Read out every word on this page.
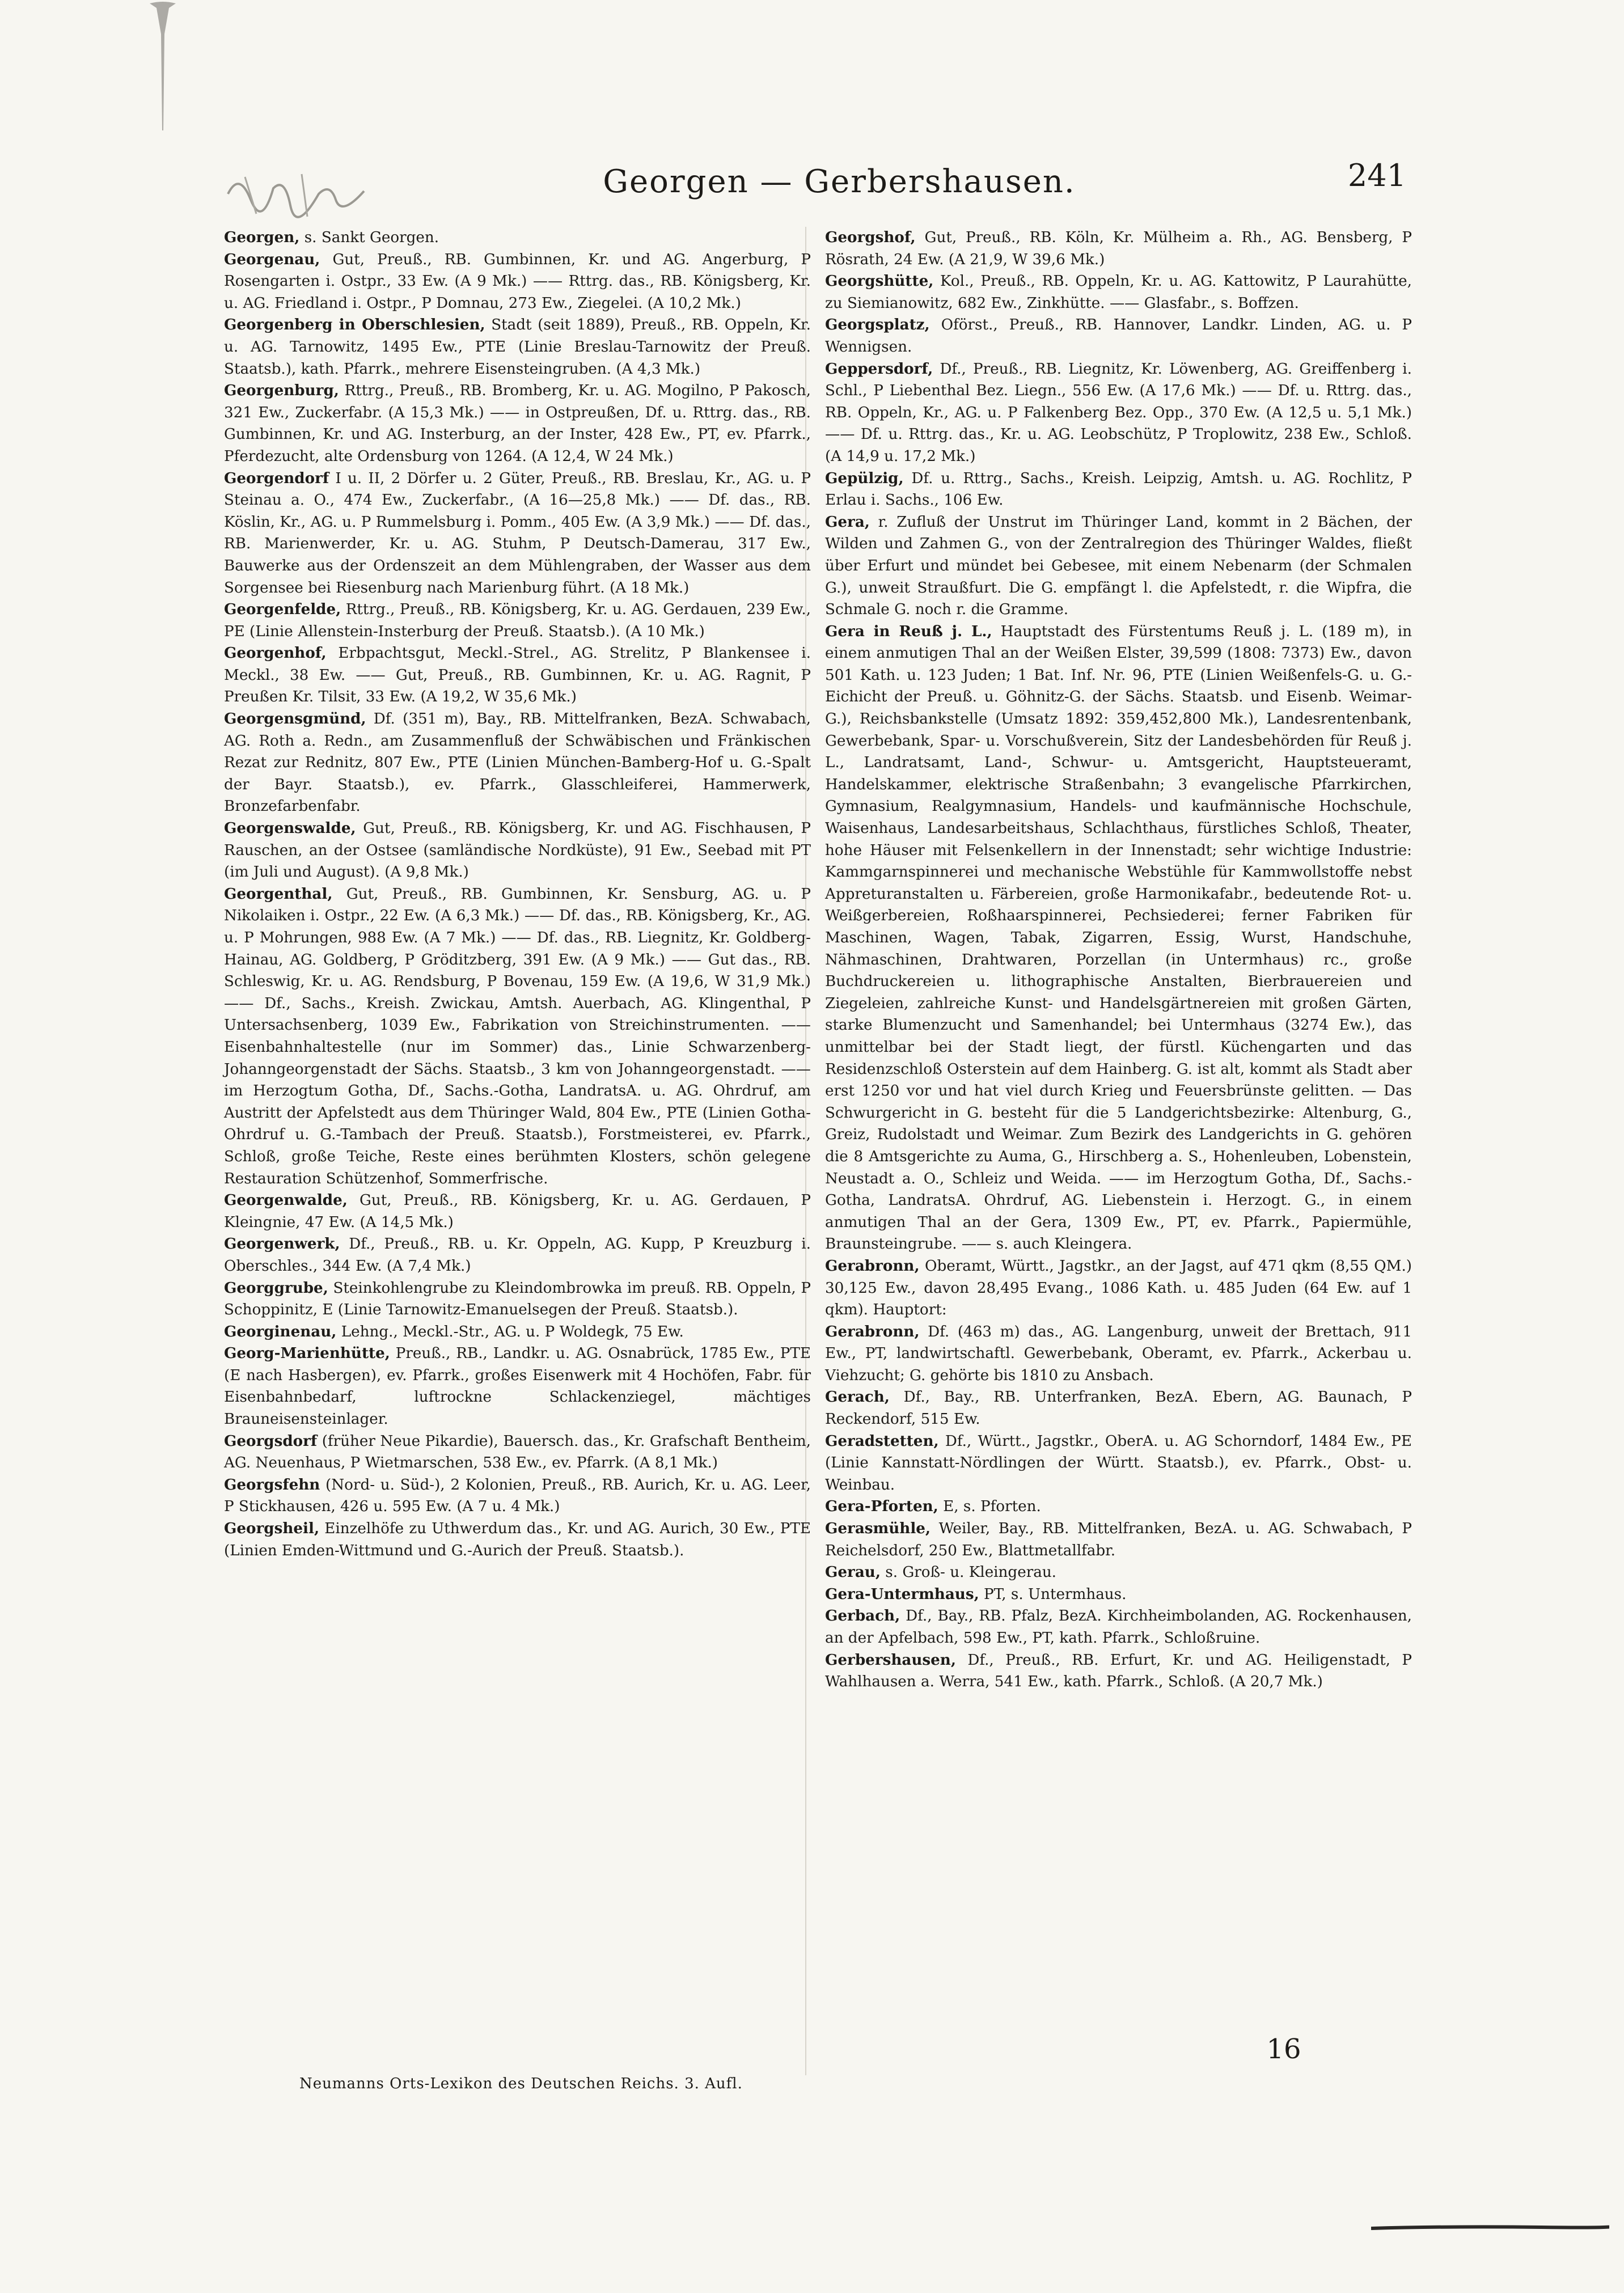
Georgen — Gerbershausen.	241

Georgen, s. Sankt Georgen.

Georgenau, Gut, Preuß., RB. Gumbinnen, Kr. und AG. Angerburg, P Rosengarten i. Ostpr., 33 Ew. (A 9 Mk.) —— Rttrg. das., RB. Königsberg, Kr. u. AG. Friedland i. Ostpr., P Domnau, 273 Ew., Ziegelei. (A 10,2 Mk.)

Georgenberg in Oberschlesien, Stadt (seit 1889), Preuß., RB. Oppeln, Kr. u. AG. Tarnowitz, 1495 Ew., PTE (Linie Breslau-Tarnowitz der Preuß. Staatsb.), kath. Pfarrk., mehrere Eisensteingruben. (A 4,3 Mk.)

Georgenburg, Rttrg., Preuß., RB. Bromberg, Kr. u. AG. Mogilno, P Pakosch, 321 Ew., Zuckerfabr. (A 15,3 Mk.) —— in Ostpreußen, Df. u. Rttrg. das., RB. Gumbinnen, Kr. und AG. Insterburg, an der Inster, 428 Ew., PT, ev. Pfarrk., Pferdezucht, alte Ordensburg von 1264. (A 12,4, W 24 Mk.)

Georgendorf I u. II, 2 Dörfer u. 2 Güter, Preuß., RB. Breslau, Kr., AG. u. P Steinau a. O., 474 Ew., Zuckerfabr., (A 16—25,8 Mk.) —— Df. das., RB. Köslin, Kr., AG. u. P Rummelsburg i. Pomm., 405 Ew. (A 3,9 Mk.) —— Df. das., RB. Marienwerder, Kr. u. AG. Stuhm, P Deutsch-Damerau, 317 Ew., Bauwerke aus der Ordenszeit an dem Mühlengraben, der Wasser aus dem Sorgensee bei Riesenburg nach Marienburg führt. (A 18 Mk.)

Georgenfelde, Rttrg., Preuß., RB. Königsberg, Kr. u. AG. Gerdauen, 239 Ew., PE (Linie Allenstein-Insterburg der Preuß. Staatsb.). (A 10 Mk.)

Georgenhof, Erbpachtsgut, Meckl.-Strel., AG. Strelitz, P Blankensee i. Meckl., 38 Ew. —— Gut, Preuß., RB. Gumbinnen, Kr. u. AG. Ragnit, P Preußen Kr. Tilsit, 33 Ew. (A 19,2, W 35,6 Mk.)

Georgensgmünd, Df. (351 m), Bay., RB. Mittelfranken, BezA. Schwabach, AG. Roth a. Redn., am Zusammenfluß der Schwäbischen und Fränkischen Rezat zur Rednitz, 807 Ew., PTE (Linien München-Bamberg-Hof u. G.-Spalt der Bayr. Staatsb.), ev. Pfarrk., Glasschleiferei, Hammerwerk, Bronzefarbenfabr.

Georgenswalde, Gut, Preuß., RB. Königsberg, Kr. und AG. Fischhausen, P Rauschen, an der Ostsee (samländische Nordküste), 91 Ew., Seebad mit PT (im Juli und August). (A 9,8 Mk.)

Georgenthal, Gut, Preuß., RB. Gumbinnen, Kr. Sensburg, AG. u. P Nikolaiken i. Ostpr., 22 Ew. (A 6,3 Mk.) —— Df. das., RB. Königsberg, Kr., AG. u. P Mohrungen, 988 Ew. (A 7 Mk.) —— Df. das., RB. Liegnitz, Kr. Goldberg-Hainau, AG. Goldberg, P Gröditzberg, 391 Ew. (A 9 Mk.) —— Gut das., RB. Schleswig, Kr. u. AG. Rendsburg, P Bovenau, 159 Ew. (A 19,6, W 31,9 Mk.) —— Df., Sachs., Kreish. Zwickau, Amtsh. Auerbach, AG. Klingenthal, P Untersachsenberg, 1039 Ew., Fabrikation von Streichinstrumenten. —— Eisenbahnhaltestelle (nur im Sommer) das., Linie Schwarzenberg-Johanngeorgenstadt der Sächs. Staatsb., 3 km von Johanngeorgenstadt. —— im Herzogtum Gotha, Df., Sachs.-Gotha, LandratsA. u. AG. Ohrdruf, am Austritt der Apfelstedt aus dem Thüringer Wald, 804 Ew., PTE (Linien Gotha-Ohrdruf u. G.-Tambach der Preuß. Staatsb.), Forstmeisterei, ev. Pfarrk., Schloß, große Teiche, Reste eines berühmten Klosters, schön gelegene Restauration Schützenhof, Sommerfrische.

Georgenwalde, Gut, Preuß., RB. Königsberg, Kr. u. AG. Gerdauen, P Kleingnie, 47 Ew. (A 14,5 Mk.)

Georgenwerk, Df., Preuß., RB. u. Kr. Oppeln, AG. Kupp, P Kreuzburg i. Oberschles., 344 Ew. (A 7,4 Mk.)

Georggrube, Steinkohlengrube zu Kleindombrowka im preuß. RB. Oppeln, P Schoppinitz, E (Linie Tarnowitz-Emanuelsegen der Preuß. Staatsb.).

Georginenau, Lehng., Meckl.-Str., AG. u. P Woldegk, 75 Ew.

Georg-Marienhütte, Preuß., RB., Landkr. u. AG. Osnabrück, 1785 Ew., PTE (E nach Hasbergen), ev. Pfarrk., großes Eisenwerk mit 4 Hochöfen, Fabr. für Eisenbahnbedarf, luftrockne Schlackenziegel, mächtiges Brauneisensteinlager.

Georgsdorf (früher Neue Pikardie), Bauersch. das., Kr. Grafschaft Bentheim, AG. Neuenhaus, P Wietmarschen, 538 Ew., ev. Pfarrk. (A 8,1 Mk.)

Georgsfehn (Nord- u. Süd-), 2 Kolonien, Preuß., RB. Aurich, Kr. u. AG. Leer, P Stickhausen, 426 u. 595 Ew. (A 7 u. 4 Mk.)

Georgsheil, Einzelhöfe zu Uthwerdum das., Kr. und AG. Aurich, 30 Ew., PTE (Linien Emden-Wittmund und G.-Aurich der Preuß. Staatsb.).

Georgshof, Gut, Preuß., RB. Köln, Kr. Mülheim a. Rh., AG. Bensberg, P Rösrath, 24 Ew. (A 21,9, W 39,6 Mk.)

Georgshütte, Kol., Preuß., RB. Oppeln, Kr. u. AG. Kattowitz, P Laurahütte, zu Siemianowitz, 682 Ew., Zinkhütte. —— Glasfabr., s. Boffzen.

Georgsplatz, Oförst., Preuß., RB. Hannover, Landkr. Linden, AG. u. P Wennigsen.

Geppersdorf, Df., Preuß., RB. Liegnitz, Kr. Löwenberg, AG. Greiffenberg i. Schl., P Liebenthal Bez. Liegn., 556 Ew. (A 17,6 Mk.) —— Df. u. Rttrg. das., RB. Oppeln, Kr., AG. u. P Falkenberg Bez. Opp., 370 Ew. (A 12,5 u. 5,1 Mk.) —— Df. u. Rttrg. das., Kr. u. AG. Leobschütz, P Troplowitz, 238 Ew., Schloß. (A 14,9 u. 17,2 Mk.)

Gepülzig, Df. u. Rttrg., Sachs., Kreish. Leipzig, Amtsh. u. AG. Rochlitz, P Erlau i. Sachs., 106 Ew.

Gera, r. Zufluß der Unstrut im Thüringer Land, kommt in 2 Bächen, der Wilden und Zahmen G., von der Zentralregion des Thüringer Waldes, fließt über Erfurt und mündet bei Gebesee, mit einem Nebenarm (der Schmalen G.), unweit Straußfurt. Die G. empfängt l. die Apfelstedt, r. die Wipfra, die Schmale G. noch r. die Gramme.

Gera in Reuß j. L., Hauptstadt des Fürstentums Reuß j. L. (189 m), in einem anmutigen Thal an der Weißen Elster, 39,599 (1808: 7373) Ew., davon 501 Kath. u. 123 Juden; 1 Bat. Inf. Nr. 96, PTE (Linien Weißenfels-G. u. G.-Eichicht der Preuß. u. Göhnitz-G. der Sächs. Staatsb. und Eisenb. Weimar-G.), Reichsbankstelle (Umsatz 1892: 359,452,800 Mk.), Landesrentenbank, Gewerbebank, Spar- u. Vorschußverein, Sitz der Landesbehörden für Reuß j. L., Landratsamt, Land-, Schwur- u. Amtsgericht, Hauptsteueramt, Handelskammer, elektrische Straßenbahn; 3 evangelische Pfarrkirchen, Gymnasium, Realgymnasium, Handels- und kaufmännische Hochschule, Waisenhaus, Landesarbeitshaus, Schlachthaus, fürstliches Schloß, Theater, hohe Häuser mit Felsenkellern in der Innenstadt; sehr wichtige Industrie: Kammgarnspinnerei und mechanische Webstühle für Kammwollstoffe nebst Appreturanstalten u. Färbereien, große Harmonikafabr., bedeutende Rot- u. Weißgerbereien, Roßhaarspinnerei, Pechsiederei; ferner Fabriken für Maschinen, Wagen, Tabak, Zigarren, Essig, Wurst, Handschuhe, Nähmaschinen, Drahtwaren, Porzellan (in Untermhaus) rc., große Buchdruckereien u. lithographische Anstalten, Bierbrauereien und Ziegeleien, zahlreiche Kunst- und Handelsgärtnereien mit großen Gärten, starke Blumenzucht und Samenhandel; bei Untermhaus (3274 Ew.), das unmittelbar bei der Stadt liegt, der fürstl. Küchengarten und das Residenzschloß Osterstein auf dem Hainberg. G. ist alt, kommt als Stadt aber erst 1250 vor und hat viel durch Krieg und Feuersbrünste gelitten. — Das Schwurgericht in G. besteht für die 5 Landgerichtsbezirke: Altenburg, G., Greiz, Rudolstadt und Weimar. Zum Bezirk des Landgerichts in G. gehören die 8 Amtsgerichte zu Auma, G., Hirschberg a. S., Hohenleuben, Lobenstein, Neustadt a. O., Schleiz und Weida. —— im Herzogtum Gotha, Df., Sachs.-Gotha, LandratsA. Ohrdruf, AG. Liebenstein i. Herzogt. G., in einem anmutigen Thal an der Gera, 1309 Ew., PT, ev. Pfarrk., Papiermühle, Braunsteingrube. —— s. auch Kleingera.

Gerabronn, Oberamt, Württ., Jagstkr., an der Jagst, auf 471 qkm (8,55 QM.) 30,125 Ew., davon 28,495 Evang., 1086 Kath. u. 485 Juden (64 Ew. auf 1 qkm). Hauptort:

Gerabronn, Df. (463 m) das., AG. Langenburg, unweit der Brettach, 911 Ew., PT, landwirtschaftl. Gewerbebank, Oberamt, ev. Pfarrk., Ackerbau u. Viehzucht; G. gehörte bis 1810 zu Ansbach.

Gerach, Df., Bay., RB. Unterfranken, BezA. Ebern, AG. Baunach, P Reckendorf, 515 Ew.

Geradstetten, Df., Württ., Jagstkr., OberA. u. AG Schorndorf, 1484 Ew., PE (Linie Kannstatt-Nördlingen der Württ. Staatsb.), ev. Pfarrk., Obst- u. Weinbau.

Gera-Pforten, E, s. Pforten.

Gerasmühle, Weiler, Bay., RB. Mittelfranken, BezA. u. AG. Schwabach, P Reichelsdorf, 250 Ew., Blattmetallfabr.

Gerau, s. Groß- u. Kleingerau.

Gera-Untermhaus, PT, s. Untermhaus.

Gerbach, Df., Bay., RB. Pfalz, BezA. Kirchheimbolanden, AG. Rockenhausen, an der Apfelbach, 598 Ew., PT, kath. Pfarrk., Schloßruine.

Gerbershausen, Df., Preuß., RB. Erfurt, Kr. und AG. Heiligenstadt, P Wahlhausen a. Werra, 541 Ew., kath. Pfarrk., Schloß. (A 20,7 Mk.)

16
Neumanns Orts-Lexikon des Deutschen Reichs. 3. Aufl.
